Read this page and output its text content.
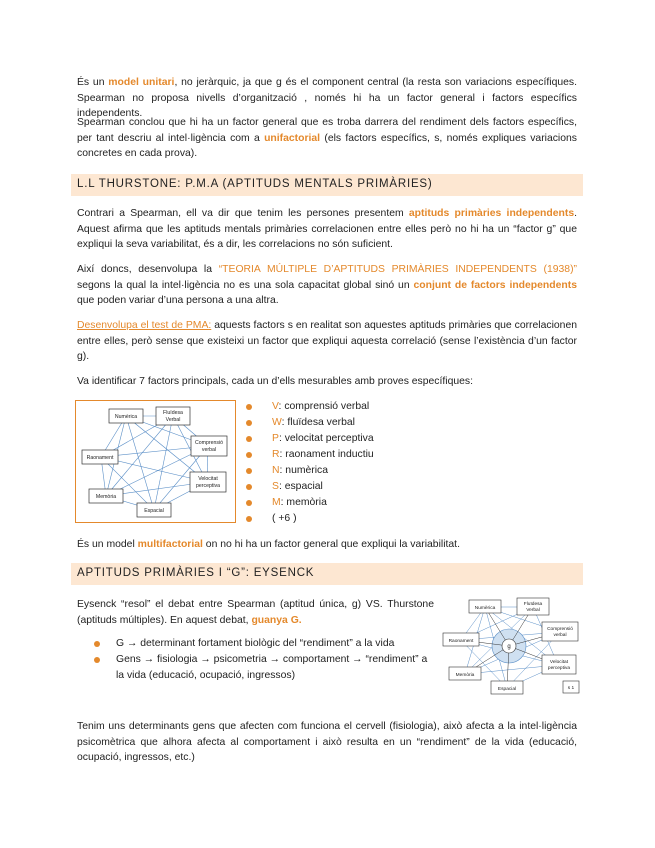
És un model unitari, no jeràrquic, ja que g és el component central (la resta son variacions específiques. Spearman no proposa nivells d’organització , només hi ha un factor general i factors específics independents.

Spearman conclou que hi ha un factor general que es troba darrera del rendiment dels factors específics, per tant descriu al intel·ligència com a unifactorial (els factors específics, s, només expliques variacions concretes en cada prova).

L.L THURSTONE: P.M.A (APTITUDS MENTALS PRIMÀRIES)

Contrari a Spearman, ell va dir que tenim les persones presentem aptituds primàries independents. Aquest afirma que les aptituds mentals primàries correlacionen entre elles però no hi ha un “factor g” que expliqui la seva variabilitat, és a dir, les correlacions no són suficient.

Així doncs, desenvolupa la “TEORIA MÚLTIPLE D’APTITUDS PRIMÀRIES INDEPENDENTS (1938)” segons la qual la intel·ligència no es una sola capacitat global sinó un conjunt de factors independents que poden variar d’una persona a una altra.

Desenvolupa el test de PMA: aquests factors s en realitat son aquestes aptituds primàries que correlacionen entre elles, però sense que existeixi un factor que expliqui aquesta correlació (sense l’existència d’un factor g).

Va identificar 7 factors principals, cada un d’ells mesurables amb proves específiques:

Numèrica
Fluïdesa
Verbal
Comprensió
verbal
Raonament
Memòria
Velocitat
perceptiva
Espacial
V: comprensió verbal
W: fluïdesa verbal
P: velocitat perceptiva
R: raonament inductiu
N: numèrica
S: espacial
M: memòria
( +6 )

És un model multifactorial on no hi ha un factor general que expliqui la variabilitat.

APTITUDS PRIMÀRIES I “G”: EYSENCK

Eysenck “resol” el debat entre Spearman (aptitud única, g) VS. Thurstone (aptituds múltiples). En aquest debat, guanya G.

G → determinant fortament biològic del “rendiment” a la vida
Gens → fisiologia → psicometria → comportament → “rendiment” a
la vida (educació, ocupació, ingressos)
Numèrica
Fluïdesa
Verbal
Comprensió
verbal
Raonament
Memòria
Velocitat
perceptiva
Espacial
g
s 1

Tenim uns determinants gens que afecten com funciona el cervell (fisiologia), això afecta a la intel·ligència psicomètrica que alhora afecta al comportament i això resulta en un “rendiment” de la vida (educació, ocupació, ingressos, etc.)
